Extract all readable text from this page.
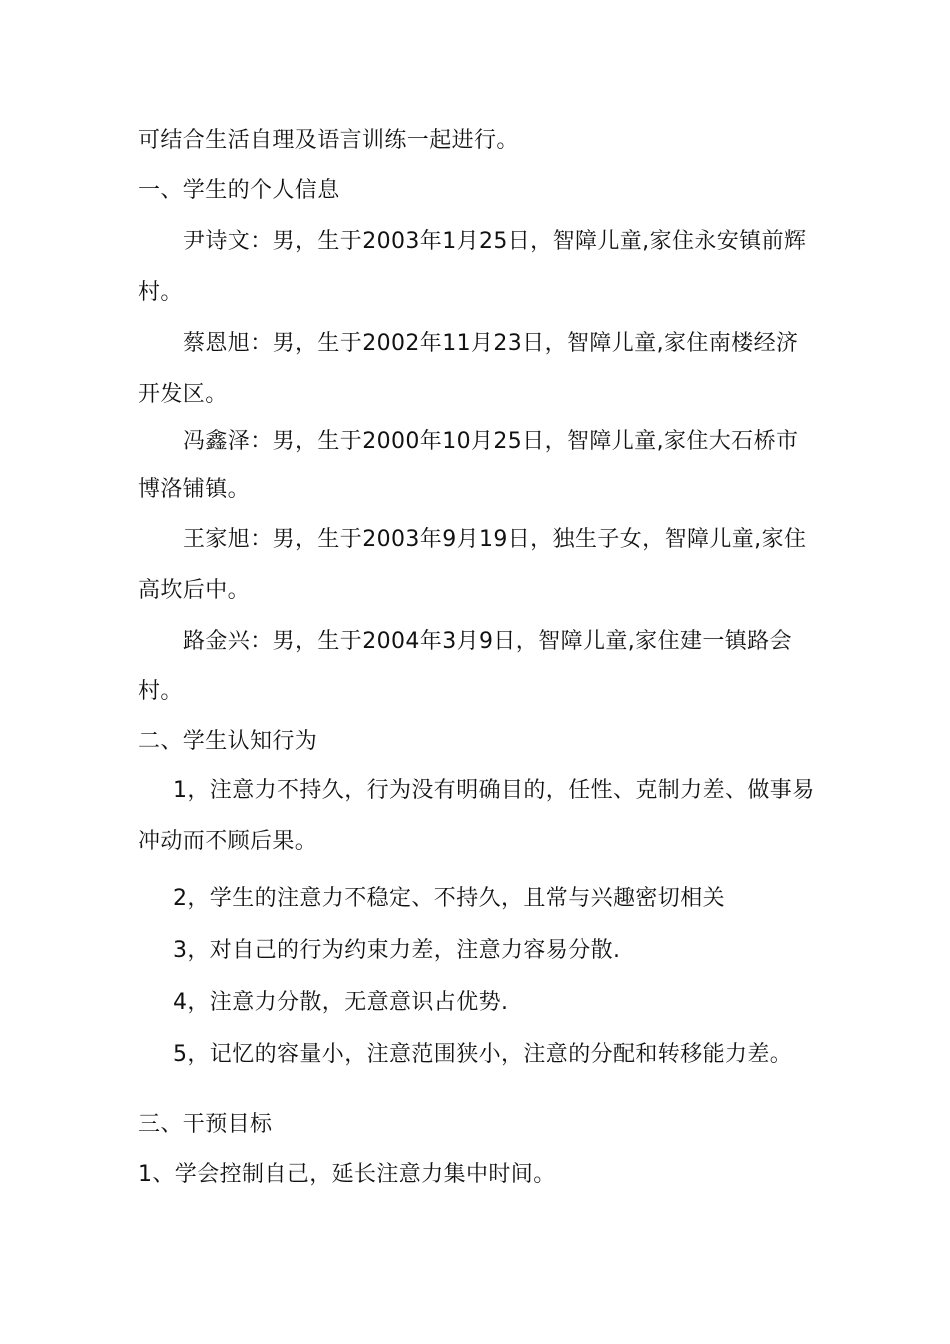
可结合生活自理及语言训练一起进行。
一、学生的个人信息
尹诗文：男，生于2003年1月25日，智障儿童,家住永安镇前辉
村。
蔡恩旭：男，生于2002年11月23日，智障儿童,家住南楼经济
开发区。
冯鑫泽：男，生于2000年10月25日，智障儿童,家住大石桥市
博洛铺镇。
王家旭：男，生于2003年9月19日，独生子女，智障儿童,家住
高坎后中。
路金兴：男，生于2004年3月9日，智障儿童,家住建一镇路会
村。
二、学生认知行为
1，注意力不持久，行为没有明确目的，任性、克制力差、做事易
冲动而不顾后果。
2，学生的注意力不稳定、不持久，且常与兴趣密切相关
3，对自己的行为约束力差，注意力容易分散.
4，注意力分散，无意意识占优势.
5，记忆的容量小，注意范围狭小，注意的分配和转移能力差。
三、干预目标
1、学会控制自己，延长注意力集中时间。
